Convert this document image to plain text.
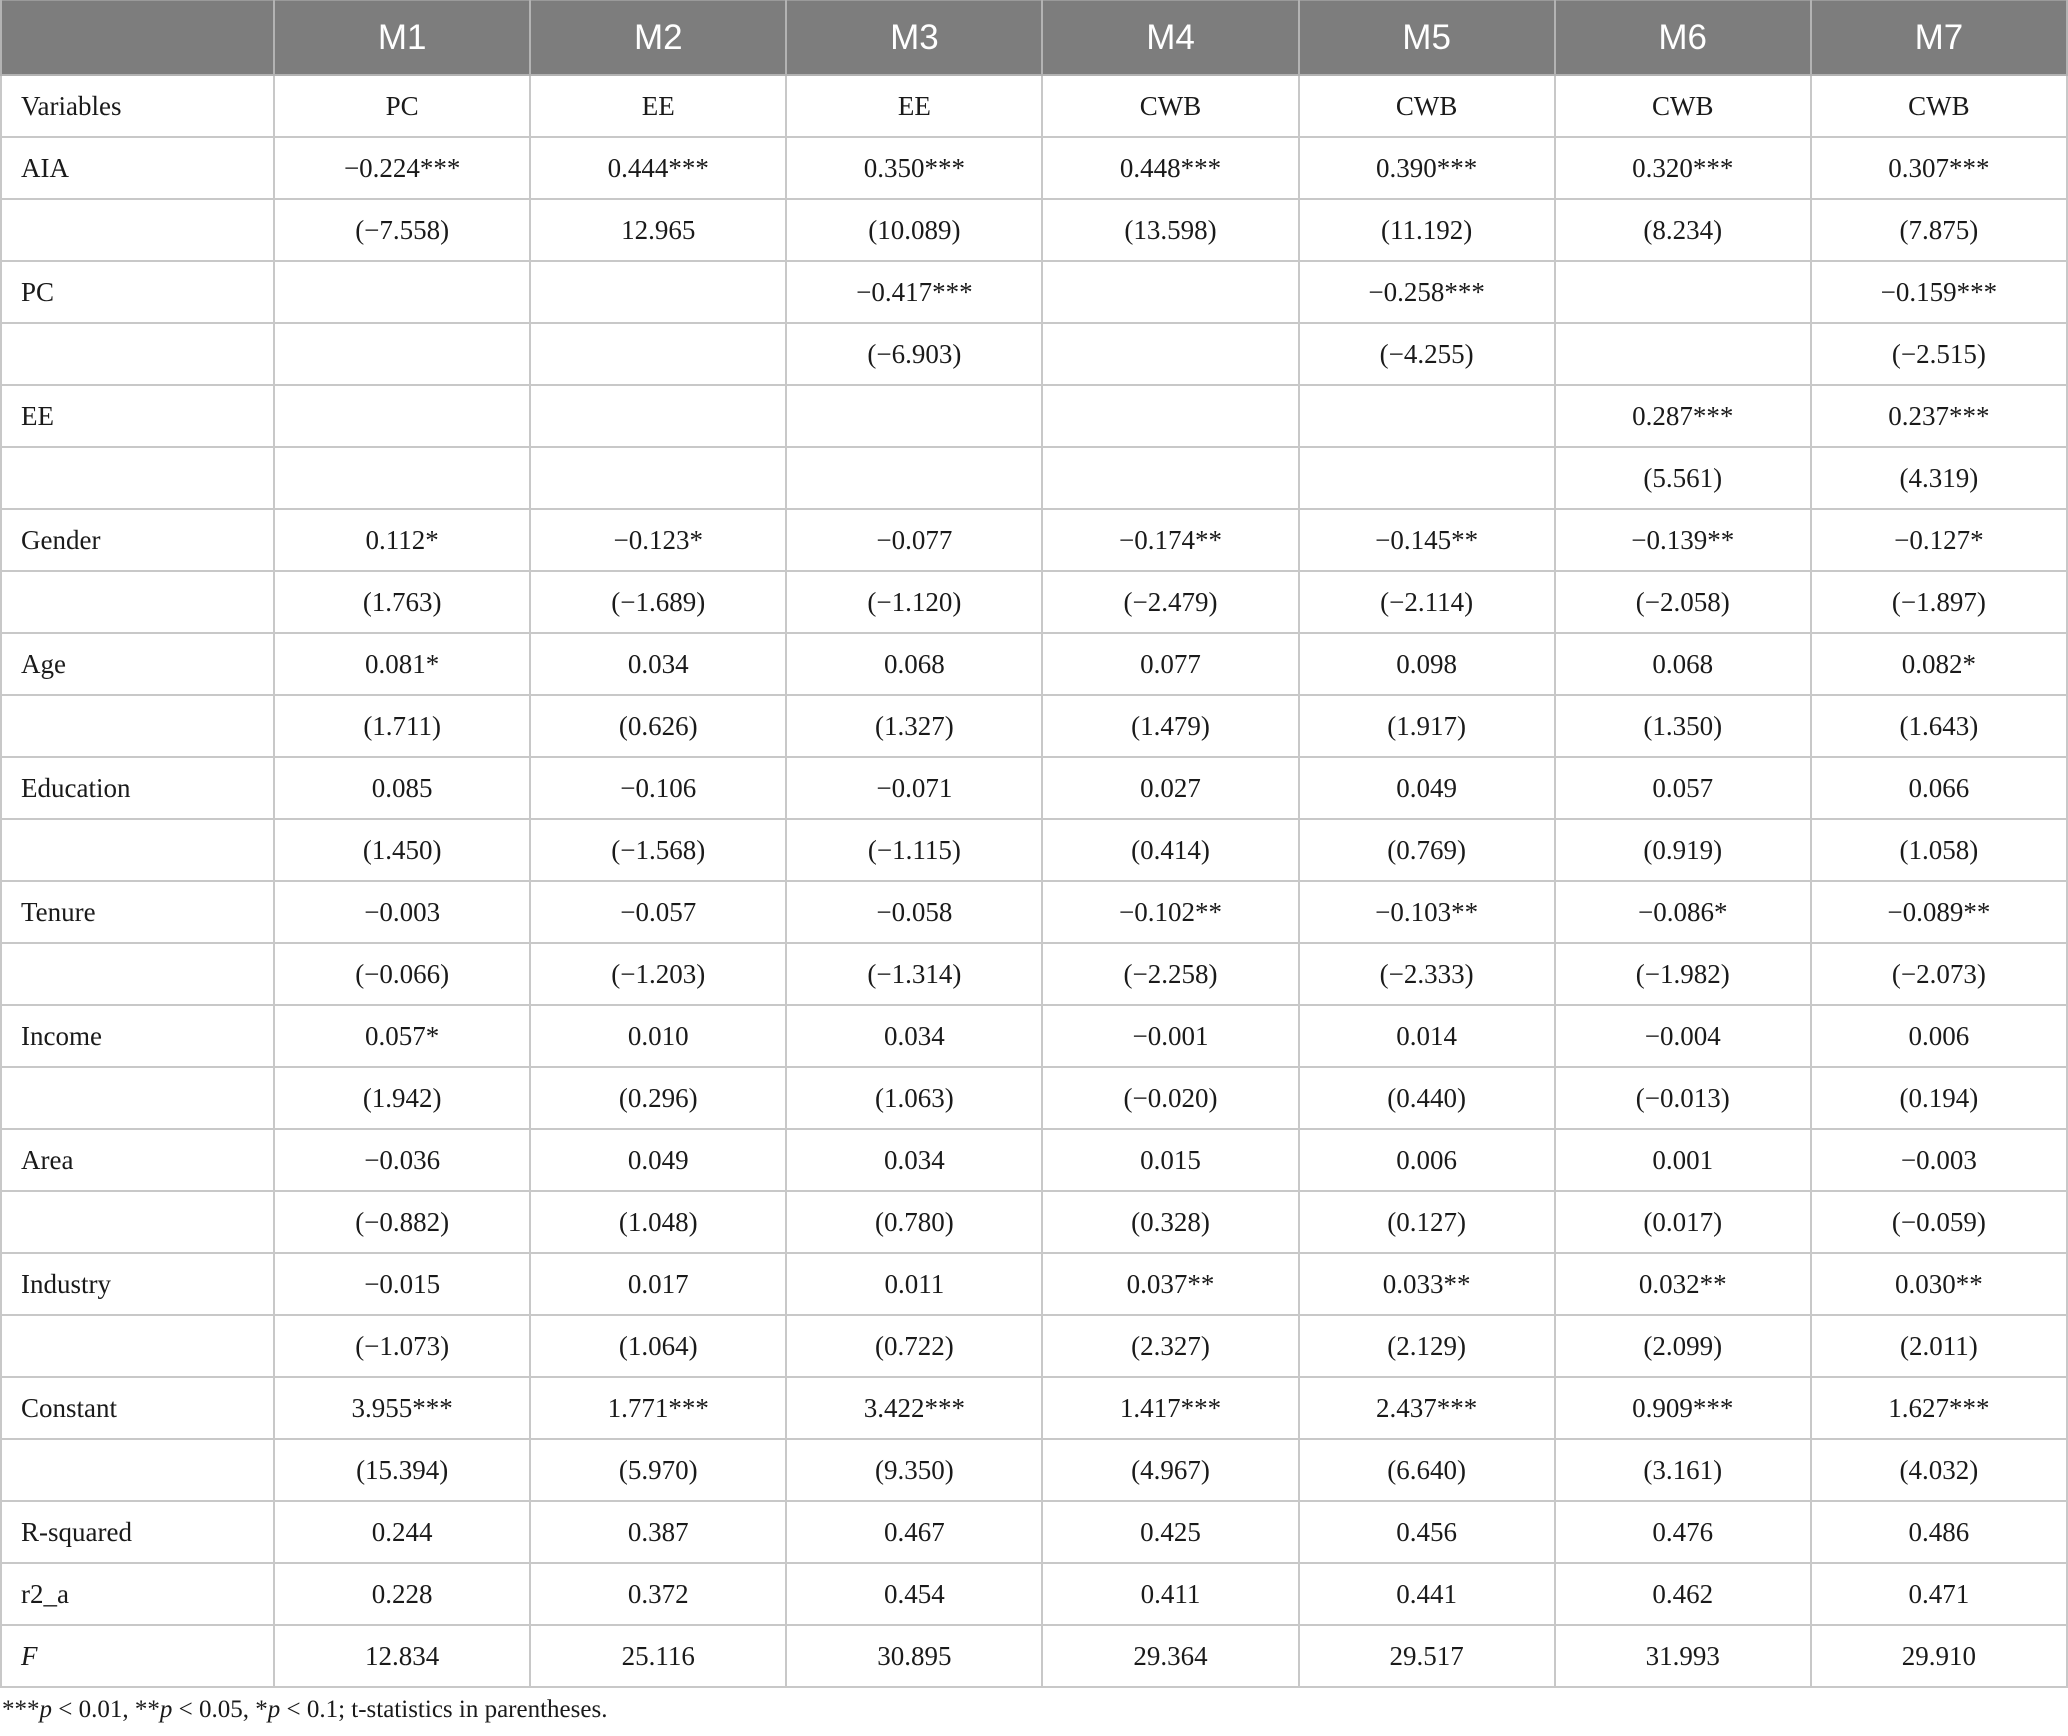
	M1	M2	M3	M4	M5	M6	M7
Variables	PC	EE	EE	CWB	CWB	CWB	CWB
AIA	−0.224***	0.444***	0.350***	0.448***	0.390***	0.320***	0.307***
	(−7.558)	12.965	(10.089)	(13.598)	(11.192)	(8.234)	(7.875)
PC			−0.417***		−0.258***		−0.159***
			(−6.903)		(−4.255)		(−2.515)
EE						0.287***	0.237***
						(5.561)	(4.319)
Gender	0.112*	−0.123*	−0.077	−0.174**	−0.145**	−0.139**	−0.127*
	(1.763)	(−1.689)	(−1.120)	(−2.479)	(−2.114)	(−2.058)	(−1.897)
Age	0.081*	0.034	0.068	0.077	0.098	0.068	0.082*
	(1.711)	(0.626)	(1.327)	(1.479)	(1.917)	(1.350)	(1.643)
Education	0.085	−0.106	−0.071	0.027	0.049	0.057	0.066
	(1.450)	(−1.568)	(−1.115)	(0.414)	(0.769)	(0.919)	(1.058)
Tenure	−0.003	−0.057	−0.058	−0.102**	−0.103**	−0.086*	−0.089**
	(−0.066)	(−1.203)	(−1.314)	(−2.258)	(−2.333)	(−1.982)	(−2.073)
Income	0.057*	0.010	0.034	−0.001	0.014	−0.004	0.006
	(1.942)	(0.296)	(1.063)	(−0.020)	(0.440)	(−0.013)	(0.194)
Area	−0.036	0.049	0.034	0.015	0.006	0.001	−0.003
	(−0.882)	(1.048)	(0.780)	(0.328)	(0.127)	(0.017)	(−0.059)
Industry	−0.015	0.017	0.011	0.037**	0.033**	0.032**	0.030**
	(−1.073)	(1.064)	(0.722)	(2.327)	(2.129)	(2.099)	(2.011)
Constant	3.955***	1.771***	3.422***	1.417***	2.437***	0.909***	1.627***
	(15.394)	(5.970)	(9.350)	(4.967)	(6.640)	(3.161)	(4.032)
R-squared	0.244	0.387	0.467	0.425	0.456	0.476	0.486
r2_a	0.228	0.372	0.454	0.411	0.441	0.462	0.471
F	12.834	25.116	30.895	29.364	29.517	31.993	29.910
***p < 0.01, **p < 0.05, *p < 0.1; t-statistics in parentheses.
